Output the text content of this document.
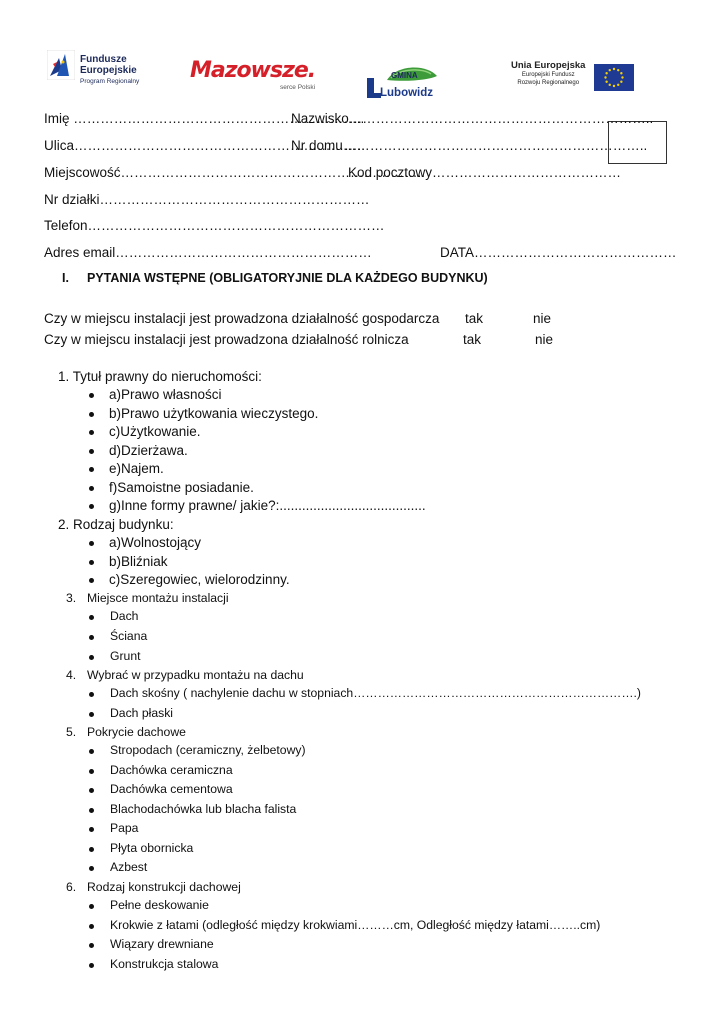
Fundusze
Europejskie
Program Regionalny Mazowsze.
serce Polski
GMINA
Lubowidz
Unia Europejska
Europejski Fundusz
Rozwoju Regionalnego
Imię ………………………………………………………..
Nazwisko…………………………………………………………..
Ulica………………………………………………………..
Nr domu…………………………………………………………..
Miejscowość…………………………………………………………..
Kod pocztowy……………………………………
Nr działki……………………………………………………
Telefon…………………………………………………………
Adres email…………………………………………………	DATA………………………………………
I. PYTANIA WSTĘPNE (OBLIGATORYJNIE DLA KAŻDEGO BUDYNKU)
Czy w miejscu instalacji jest prowadzona działalność gospodarcza tak	nie
Czy w miejscu instalacji jest prowadzona działalność rolnicza	tak	nie
1. Tytuł prawny do nieruchomości:
a)Prawo własności
b)Prawo użytkowania wieczystego.
c)Użytkowanie.
d)Dzierżawa.
e)Najem.
f)Samoistne posiadanie.
g)Inne formy prawne/ jakie?:.......................................
2. Rodzaj budynku:
a)Wolnostojący
b)Bliźniak
c)Szeregowiec, wielorodzinny.
3. Miejsce montażu instalacji
Dach
Ściana
Grunt
4. Wybrać w przypadku montażu na dachu
Dach skośny ( nachylenie dachu w stopniach…………………………………………………………….)
Dach płaski
5. Pokrycie dachowe
Stropodach (ceramiczny, żelbetowy)
Dachówka ceramiczna
Dachówka cementowa
Blachodachówka lub blacha falista
Papa
Płyta obornicka
Azbest
6. Rodzaj konstrukcji dachowej
Pełne deskowanie
Krokwie z łatami (odległość między krokwiami………cm, Odległość między łatami……..cm)
Wiązary drewniane
Konstrukcja stalowa
